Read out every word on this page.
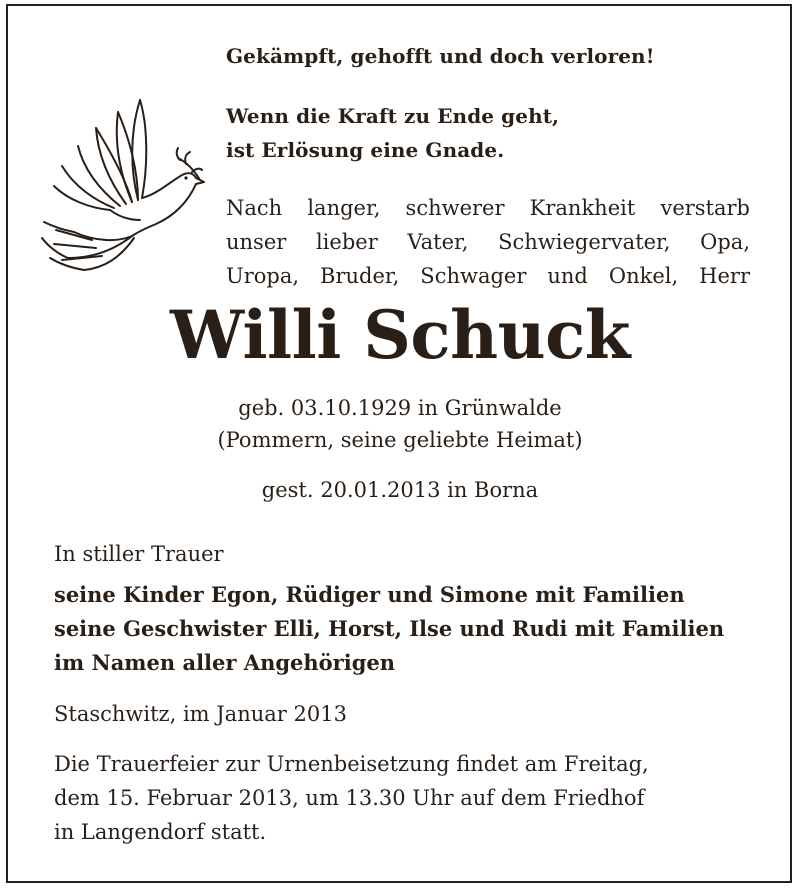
Gekämpft, gehofft und doch verloren!

Wenn die Kraft zu Ende geht,

ist Erlösung eine Gnade.

Nach langer, schwerer Krankheit verstarb

unser lieber Vater, Schwiegervater, Opa,

Uropa, Bruder, Schwager und Onkel, Herr

Willi Schuck

geb. 03.10.1929 in Grünwalde

(Pommern, seine geliebte Heimat)

gest. 20.01.2013 in Borna

In stiller Trauer

seine Kinder Egon, Rüdiger und Simone mit Familien

seine Geschwister Elli, Horst, Ilse und Rudi mit Familien

im Namen aller Angehörigen

Staschwitz, im Januar 2013

Die Trauerfeier zur Urnenbeisetzung findet am Freitag,

dem 15. Februar 2013, um 13.30 Uhr auf dem Friedhof

in Langendorf statt.
